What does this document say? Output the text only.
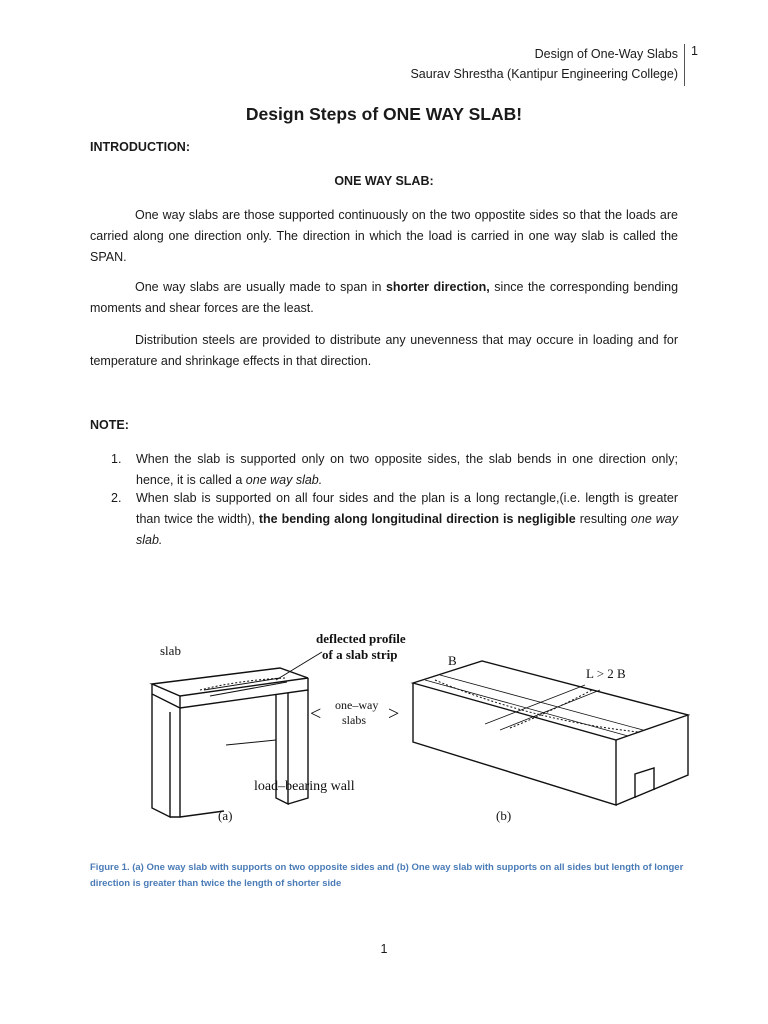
Design of One-Way Slabs
Saurav Shrestha (Kantipur Engineering College)
1
Design Steps of ONE WAY SLAB!
INTRODUCTION:
ONE WAY SLAB:

One way slabs are those supported continuously on the two oppostite sides so that the loads are carried along one direction only. The direction in which the load is carried in one way slab is called the SPAN.

One way slabs are usually made to span in shorter direction, since the corresponding bending moments and shear forces are the least.

Distribution steels are provided to distribute any unevenness that may occure in loading and for temperature and shrinkage effects in that direction.

NOTE:
1. When the slab is supported only on two opposite sides, the slab bends in one direction only; hence, it is called a one way slab.
2. When slab is supported on all four sides and the plan is a long rectangle,(i.e. length is greater than twice the width), the bending along longitudinal direction is negligible resulting one way slab.
slab
deflected profile
of a slab strip
one–way
slabs
<	>
load–bearing wall
(a)
B
L > 2 B
(b)
Figure 1. (a) One way slab with supports on two opposite sides and (b) One way slab with supports on all sides but length of longer direction is greater than twice the length of shorter side
1
